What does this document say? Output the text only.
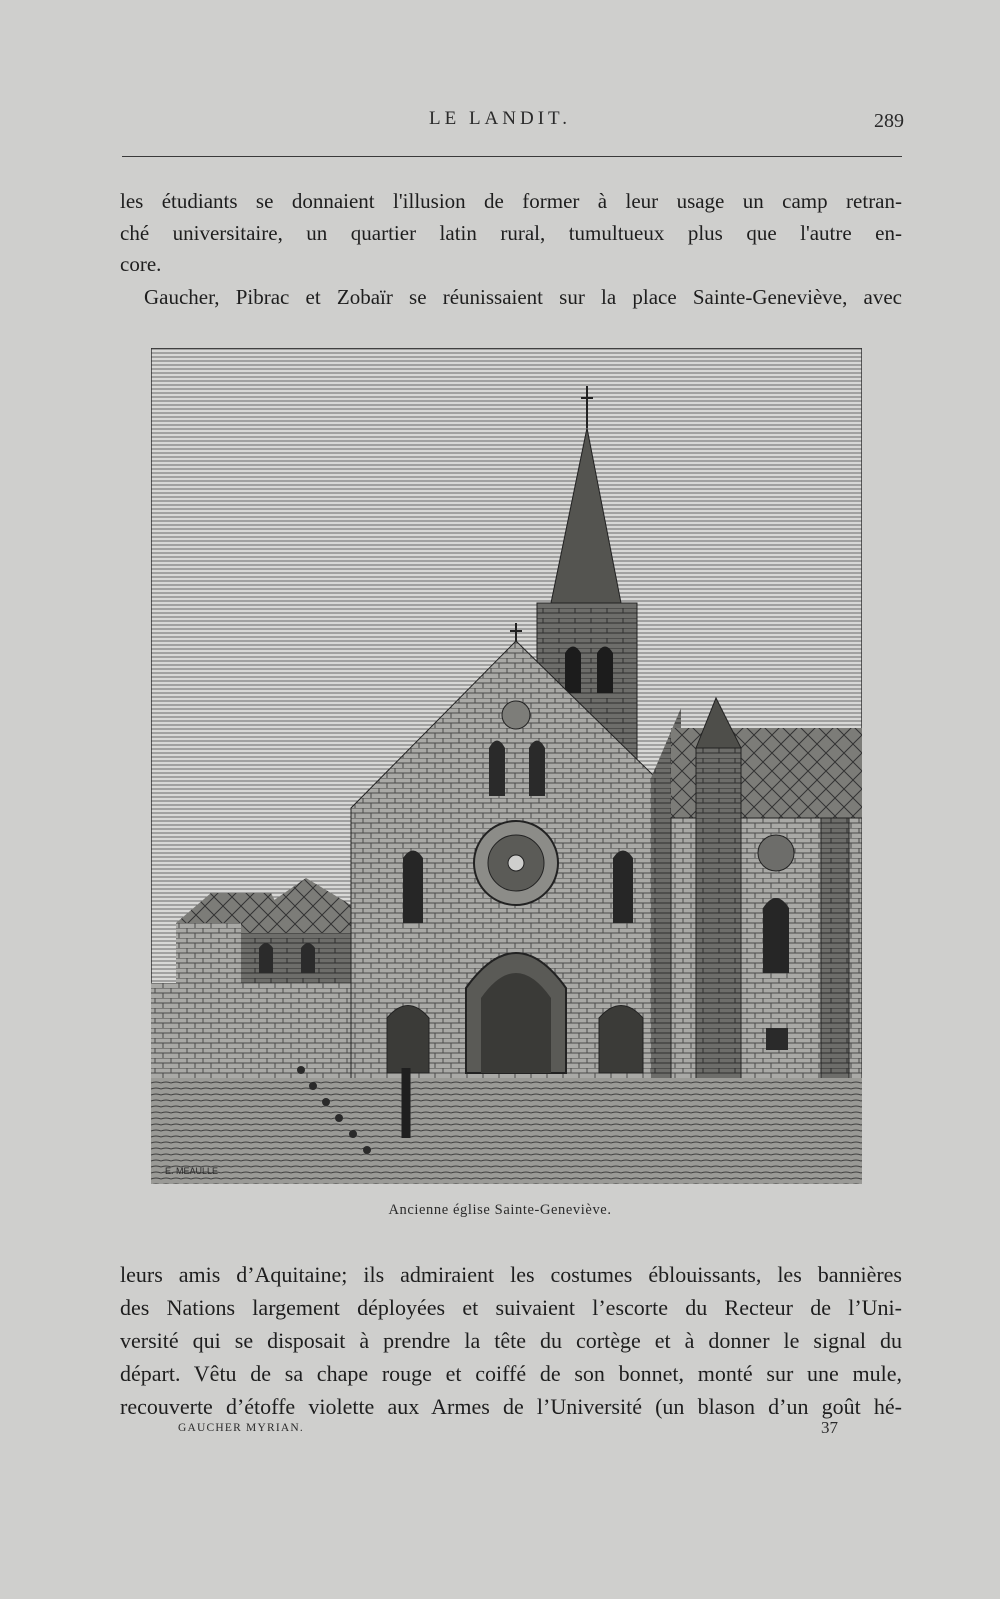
LE LANDIT.	289
les étudiants se donnaient l'illusion de former à leur usage un camp retran-
ché universitaire, un quartier latin rural, tumultueux plus que l'autre en-
core.
Gaucher, Pibrac et Zobaïr se réunissaient sur la place Sainte-Geneviève, avec
E. MEAULLE
Ancienne église Sainte-Geneviève.
leurs amis d’Aquitaine; ils admiraient les costumes éblouissants, les bannières
des Nations largement déployées et suivaient l’escorte du Recteur de l’Uni-
versité qui se disposait à prendre la tête du cortège et à donner le signal du
départ. Vêtu de sa chape rouge et coiffé de son bonnet, monté sur une mule,
recouverte d’étoffe violette aux Armes de l’Université (un blason d’un goût hé-
GAUCHER MYRIAN.	37
